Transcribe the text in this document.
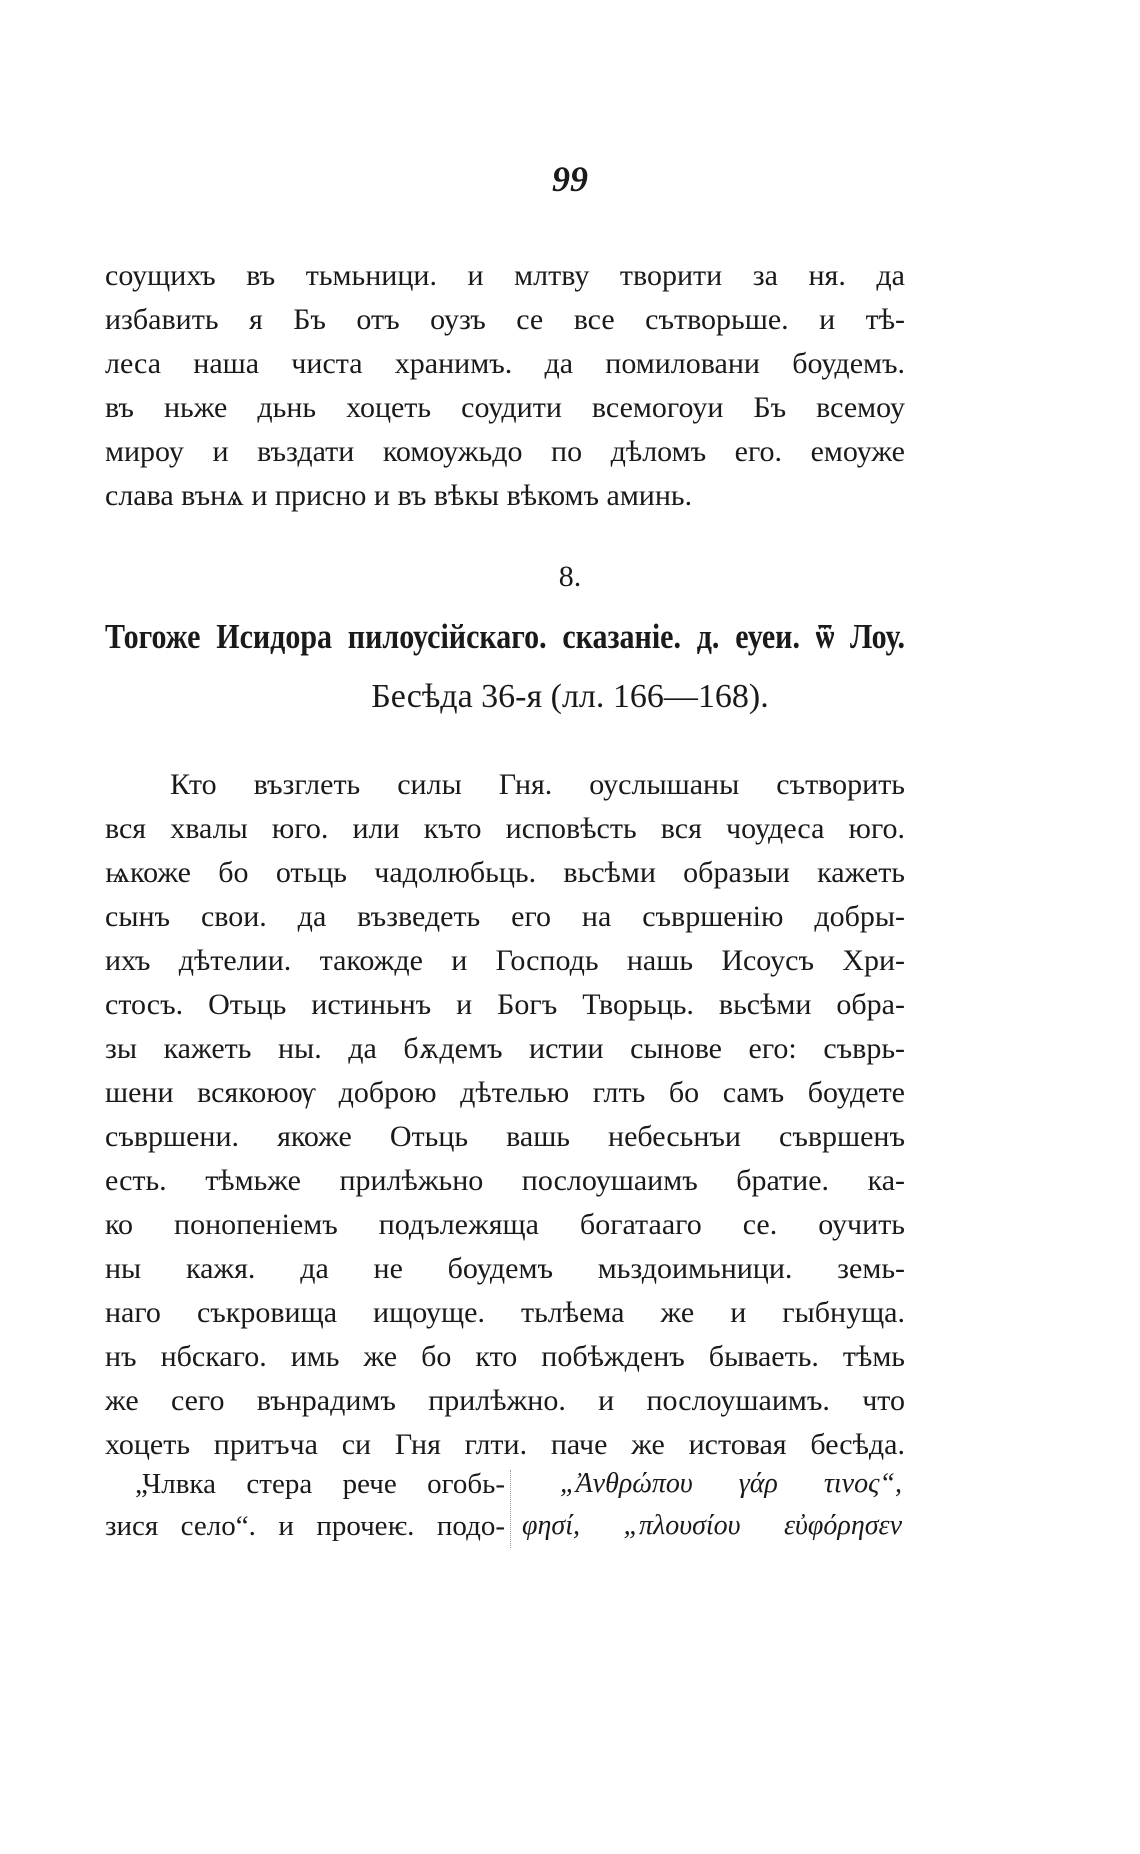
99
соущихъ въ тьмьници. и млтву творити за ня. да
избавить я Бъ отъ оузъ се все сътворьше. и тѣ-
леса наша чиста хранимъ. да помиловани боудемъ.
въ ньже дьнь хоцеть соудити всемогоуи Бъ всемоу
мироу и въздати комоужьдо по дѣломъ его. емоуже
слава вънѧ и присно и въ вѣкы вѣкомъ аминь.
8.
Тогоже Исидора пилоусiйскаго. сказанiе. д. еуеи. ѿ Лоу.
Бесѣда 36-я (лл. 166—168).
Кто възглеть силы Гня. оуслышаны сътворить
вся хвалы юго. или къто исповѣсть вся чоудеса юго.
ѩкоже бо отьць чадолюбьць. вьсѣми образыи кажеть
сынъ свои. да възведеть его на съвршенiю добры-
ихъ дѣтелии. такожде и Господь нашь Исоусъ Хри-
стосъ. Отьць истиньнъ и Богъ Творьць. вьсѣми обра-
зы кажеть ны. да бѫдемъ истии сынове его: съврь-
шени всякоюѹ доброю дѣтелью глть бо самъ боудете
съвршени. якоже Отьць вашь небесьнъи съвршенъ
есть. тѣмьже прилѣжьно послоушаимъ братие. ка-
ко понопенiемъ подълежяща богатааго се. оучить
ны кажя. да не боудемъ мьздоимьници. земь-
наго съкровища ищоуще. тьлѣема же и гыбнуща.
нъ нбскаго. имь же бо кто побѣжденъ бываеть. тѣмь
же сего вънрадимъ прилѣжно. и послоушаимъ. что
хоцеть притъча си Гня глти. паче же истовая бесѣда.
„Члвка стера рече огобь-
зися село“. и прочеѥ. подо-
„Ἀνθρώπου γάρ τινος“,
φησί, „πλουσίου εὐφόρησεν
